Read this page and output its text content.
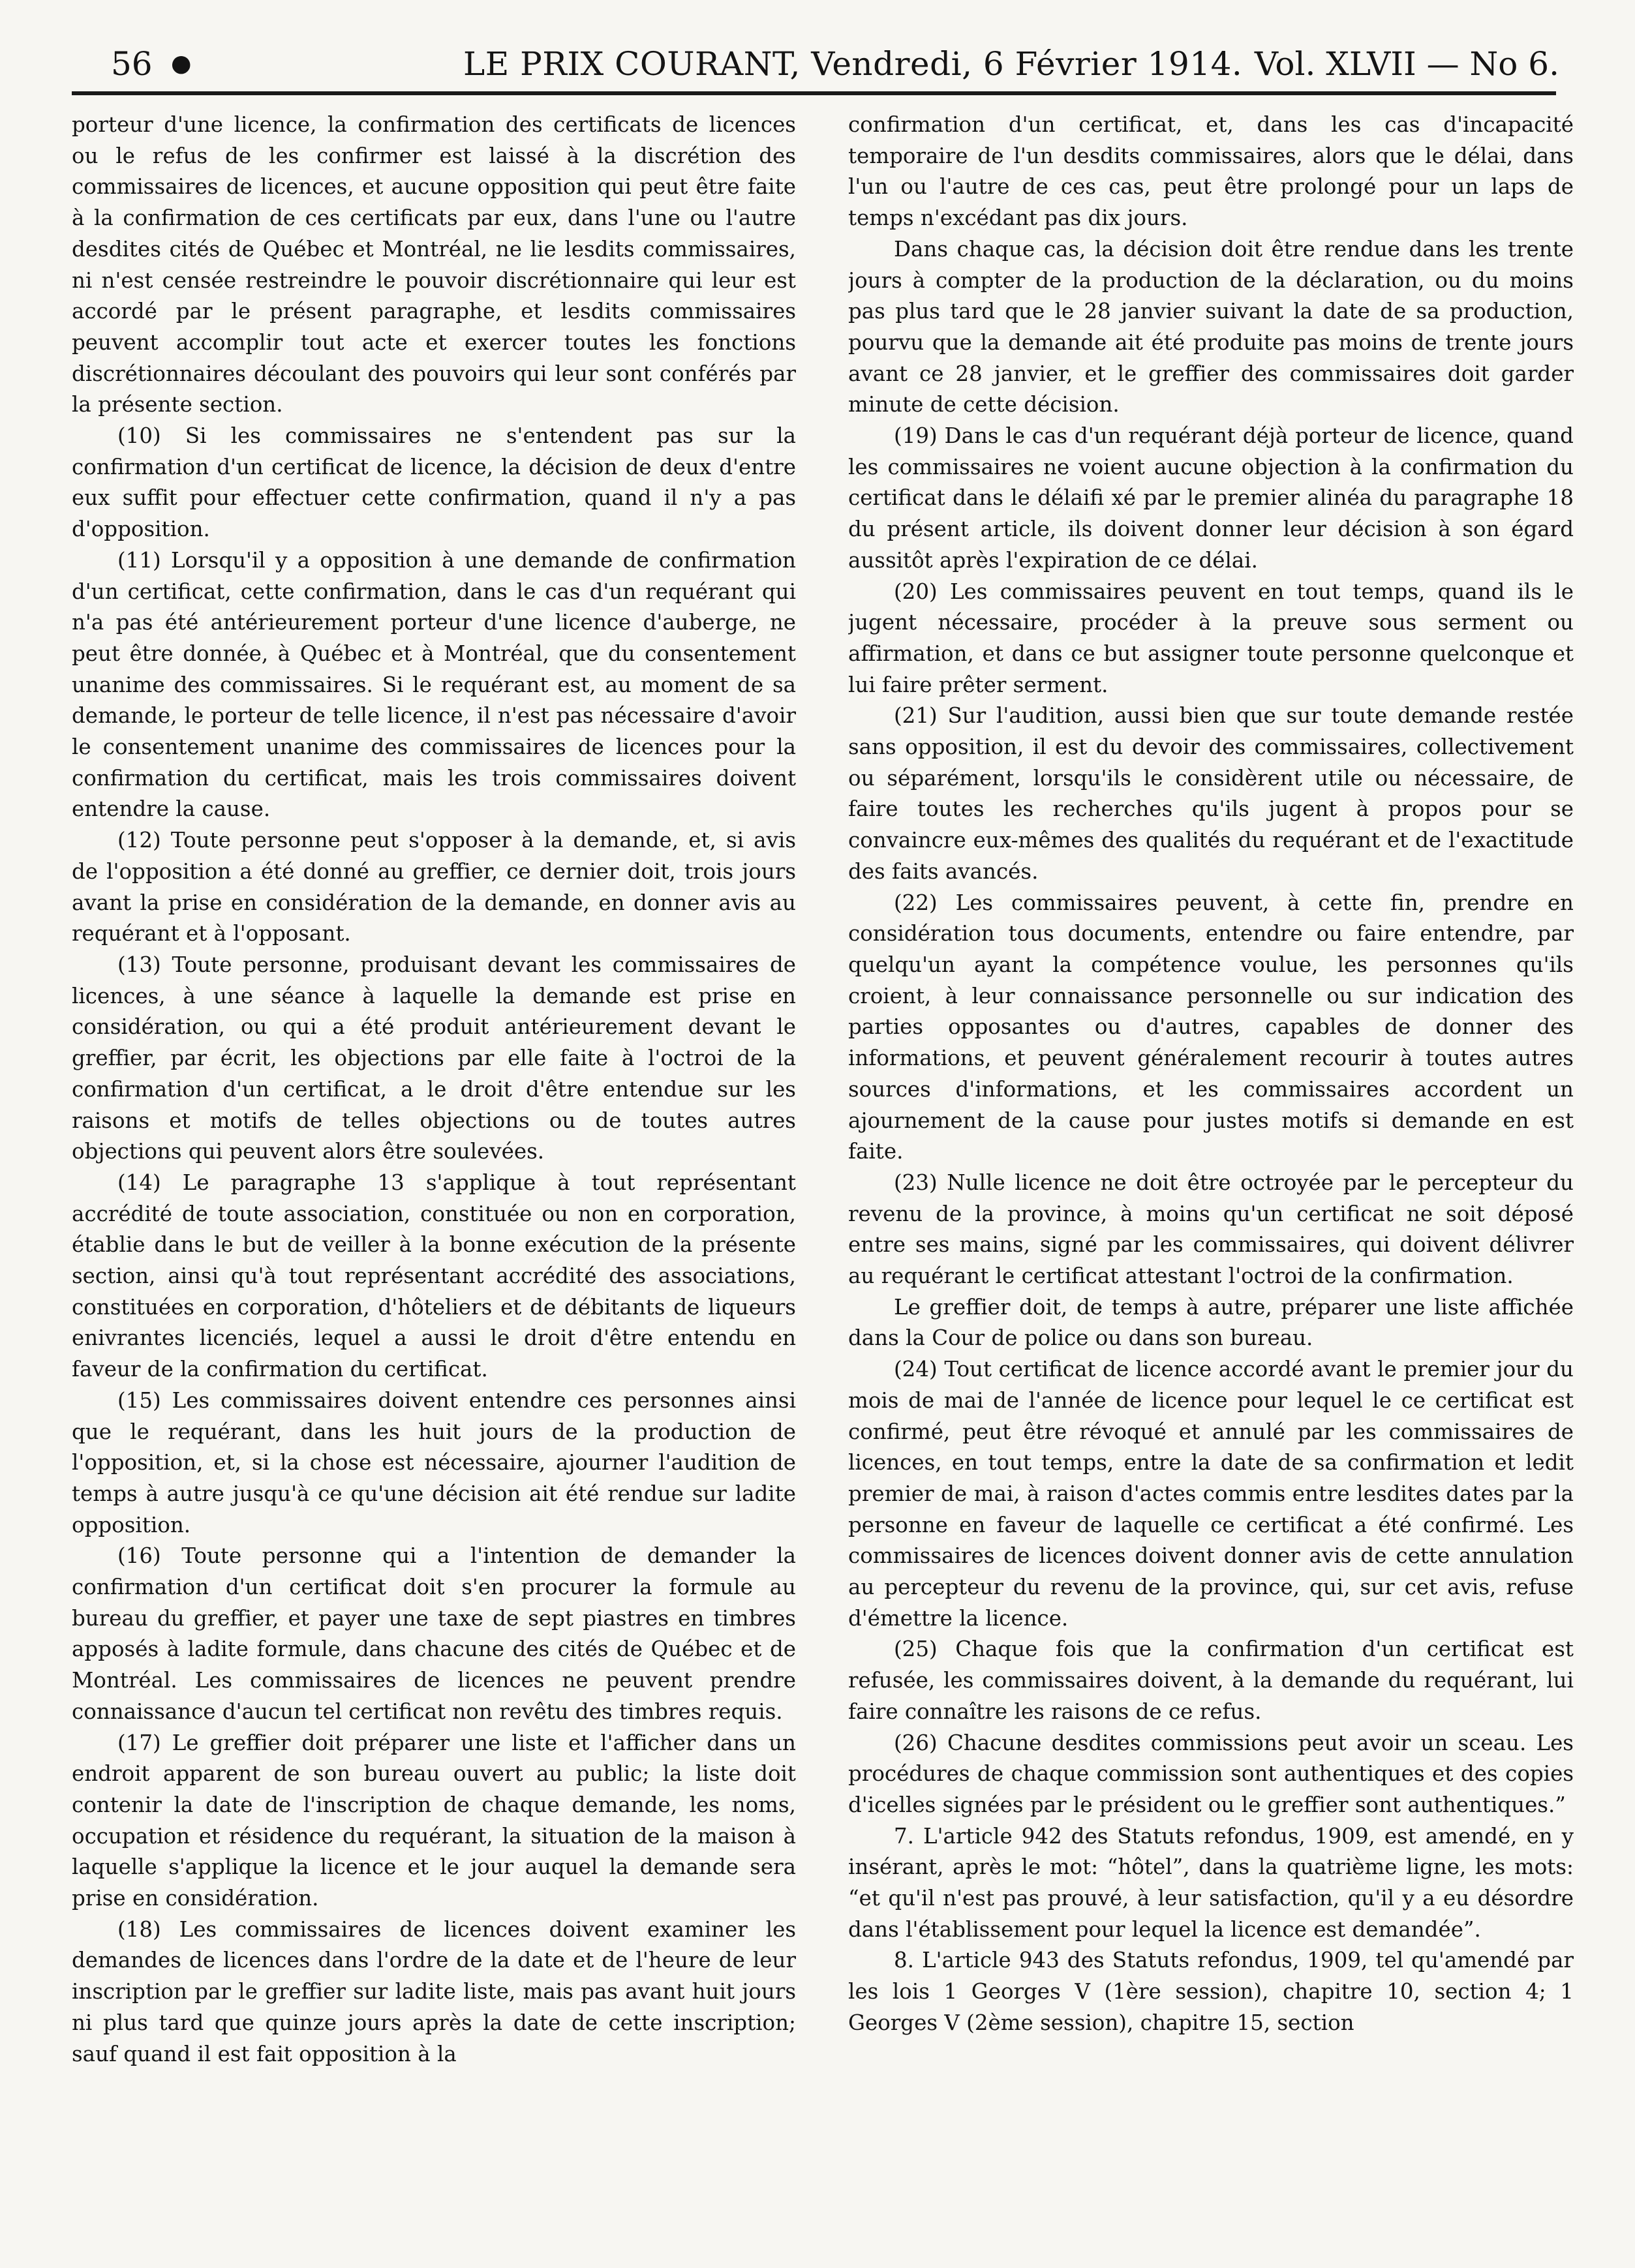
56 ●	LE PRIX COURANT, Vendredi, 6 Février 1914. Vol. XLVII — No 6.

porteur d'une licence, la confirmation des certificats de licences ou le refus de les confirmer est laissé à la discrétion des commissaires de licences, et aucune opposition qui peut être faite à la confirmation de ces certificats par eux, dans l'une ou l'autre desdites cités de Québec et Montréal, ne lie lesdits commissaires, ni n'est censée restreindre le pouvoir discrétionnaire qui leur est accordé par le présent paragraphe, et lesdits commissaires peuvent accomplir tout acte et exercer toutes les fonctions discrétionnaires découlant des pouvoirs qui leur sont conférés par la présente section.

(10) Si les commissaires ne s'entendent pas sur la confirmation d'un certificat de licence, la décision de deux d'entre eux suffit pour effectuer cette confirmation, quand il n'y a pas d'opposition.

(11) Lorsqu'il y a opposition à une demande de confirmation d'un certificat, cette confirmation, dans le cas d'un requérant qui n'a pas été antérieurement porteur d'une licence d'auberge, ne peut être donnée, à Québec et à Montréal, que du consentement unanime des commissaires. Si le requérant est, au moment de sa demande, le porteur de telle licence, il n'est pas nécessaire d'avoir le consentement unanime des commissaires de licences pour la confirmation du certificat, mais les trois commissaires doivent entendre la cause.

(12) Toute personne peut s'opposer à la demande, et, si avis de l'opposition a été donné au greffier, ce dernier doit, trois jours avant la prise en considération de la demande, en donner avis au requérant et à l'opposant.

(13) Toute personne, produisant devant les commissaires de licences, à une séance à laquelle la demande est prise en considération, ou qui a été produit antérieurement devant le greffier, par écrit, les objections par elle faite à l'octroi de la confirmation d'un certificat, a le droit d'être entendue sur les raisons et motifs de telles objections ou de toutes autres objections qui peuvent alors être soulevées.

(14) Le paragraphe 13 s'applique à tout représentant accrédité de toute association, constituée ou non en corporation, établie dans le but de veiller à la bonne exécution de la présente section, ainsi qu'à tout représentant accrédité des associations, constituées en corporation, d'hôteliers et de débitants de liqueurs enivrantes licenciés, lequel a aussi le droit d'être entendu en faveur de la confirmation du certificat.

(15) Les commissaires doivent entendre ces personnes ainsi que le requérant, dans les huit jours de la production de l'opposition, et, si la chose est nécessaire, ajourner l'audition de temps à autre jusqu'à ce qu'une décision ait été rendue sur ladite opposition.

(16) Toute personne qui a l'intention de demander la confirmation d'un certificat doit s'en procurer la formule au bureau du greffier, et payer une taxe de sept piastres en timbres apposés à ladite formule, dans chacune des cités de Québec et de Montréal. Les commissaires de licences ne peuvent prendre connaissance d'aucun tel certificat non revêtu des timbres requis.

(17) Le greffier doit préparer une liste et l'afficher dans un endroit apparent de son bureau ouvert au public; la liste doit contenir la date de l'inscription de chaque demande, les noms, occupation et résidence du requérant, la situation de la maison à laquelle s'applique la licence et le jour auquel la demande sera prise en considération.

(18) Les commissaires de licences doivent examiner les demandes de licences dans l'ordre de la date et de l'heure de leur inscription par le greffier sur ladite liste, mais pas avant huit jours ni plus tard que quinze jours après la date de cette inscription; sauf quand il est fait opposition à la

confirmation d'un certificat, et, dans les cas d'incapacité temporaire de l'un desdits commissaires, alors que le délai, dans l'un ou l'autre de ces cas, peut être prolongé pour un laps de temps n'excédant pas dix jours.

Dans chaque cas, la décision doit être rendue dans les trente jours à compter de la production de la déclaration, ou du moins pas plus tard que le 28 janvier suivant la date de sa production, pourvu que la demande ait été produite pas moins de trente jours avant ce 28 janvier, et le greffier des commissaires doit garder minute de cette décision.

(19) Dans le cas d'un requérant déjà porteur de licence, quand les commissaires ne voient aucune objection à la confirmation du certificat dans le délaifi xé par le premier alinéa du paragraphe 18 du présent article, ils doivent donner leur décision à son égard aussitôt après l'expiration de ce délai.

(20) Les commissaires peuvent en tout temps, quand ils le jugent nécessaire, procéder à la preuve sous serment ou affirmation, et dans ce but assigner toute personne quelconque et lui faire prêter serment.

(21) Sur l'audition, aussi bien que sur toute demande restée sans opposition, il est du devoir des commissaires, collectivement ou séparément, lorsqu'ils le considèrent utile ou nécessaire, de faire toutes les recherches qu'ils jugent à propos pour se convaincre eux-mêmes des qualités du requérant et de l'exactitude des faits avancés.

(22) Les commissaires peuvent, à cette fin, prendre en considération tous documents, entendre ou faire entendre, par quelqu'un ayant la compétence voulue, les personnes qu'ils croient, à leur connaissance personnelle ou sur indication des parties opposantes ou d'autres, capables de donner des informations, et peuvent généralement recourir à toutes autres sources d'informations, et les commissaires accordent un ajournement de la cause pour justes motifs si demande en est faite.

(23) Nulle licence ne doit être octroyée par le percepteur du revenu de la province, à moins qu'un certificat ne soit déposé entre ses mains, signé par les commissaires, qui doivent délivrer au requérant le certificat attestant l'octroi de la confirmation.

Le greffier doit, de temps à autre, préparer une liste affichée dans la Cour de police ou dans son bureau.

(24) Tout certificat de licence accordé avant le premier jour du mois de mai de l'année de licence pour lequel le ce certificat est confirmé, peut être révoqué et annulé par les commissaires de licences, en tout temps, entre la date de sa confirmation et ledit premier de mai, à raison d'actes commis entre lesdites dates par la personne en faveur de laquelle ce certificat a été confirmé. Les commissaires de licences doivent donner avis de cette annulation au percepteur du revenu de la province, qui, sur cet avis, refuse d'émettre la licence.

(25) Chaque fois que la confirmation d'un certificat est refusée, les commissaires doivent, à la demande du requérant, lui faire connaître les raisons de ce refus.

(26) Chacune desdites commissions peut avoir un sceau. Les procédures de chaque commission sont authentiques et des copies d'icelles signées par le président ou le greffier sont authentiques.”

7. L'article 942 des Statuts refondus, 1909, est amendé, en y insérant, après le mot: “hôtel”, dans la quatrième ligne, les mots: “et qu'il n'est pas prouvé, à leur satisfaction, qu'il y a eu désordre dans l'établissement pour lequel la licence est demandée”.

8. L'article 943 des Statuts refondus, 1909, tel qu'amendé par les lois 1 Georges V (1ère session), chapitre 10, section 4; 1 Georges V (2ème session), chapitre 15, section
